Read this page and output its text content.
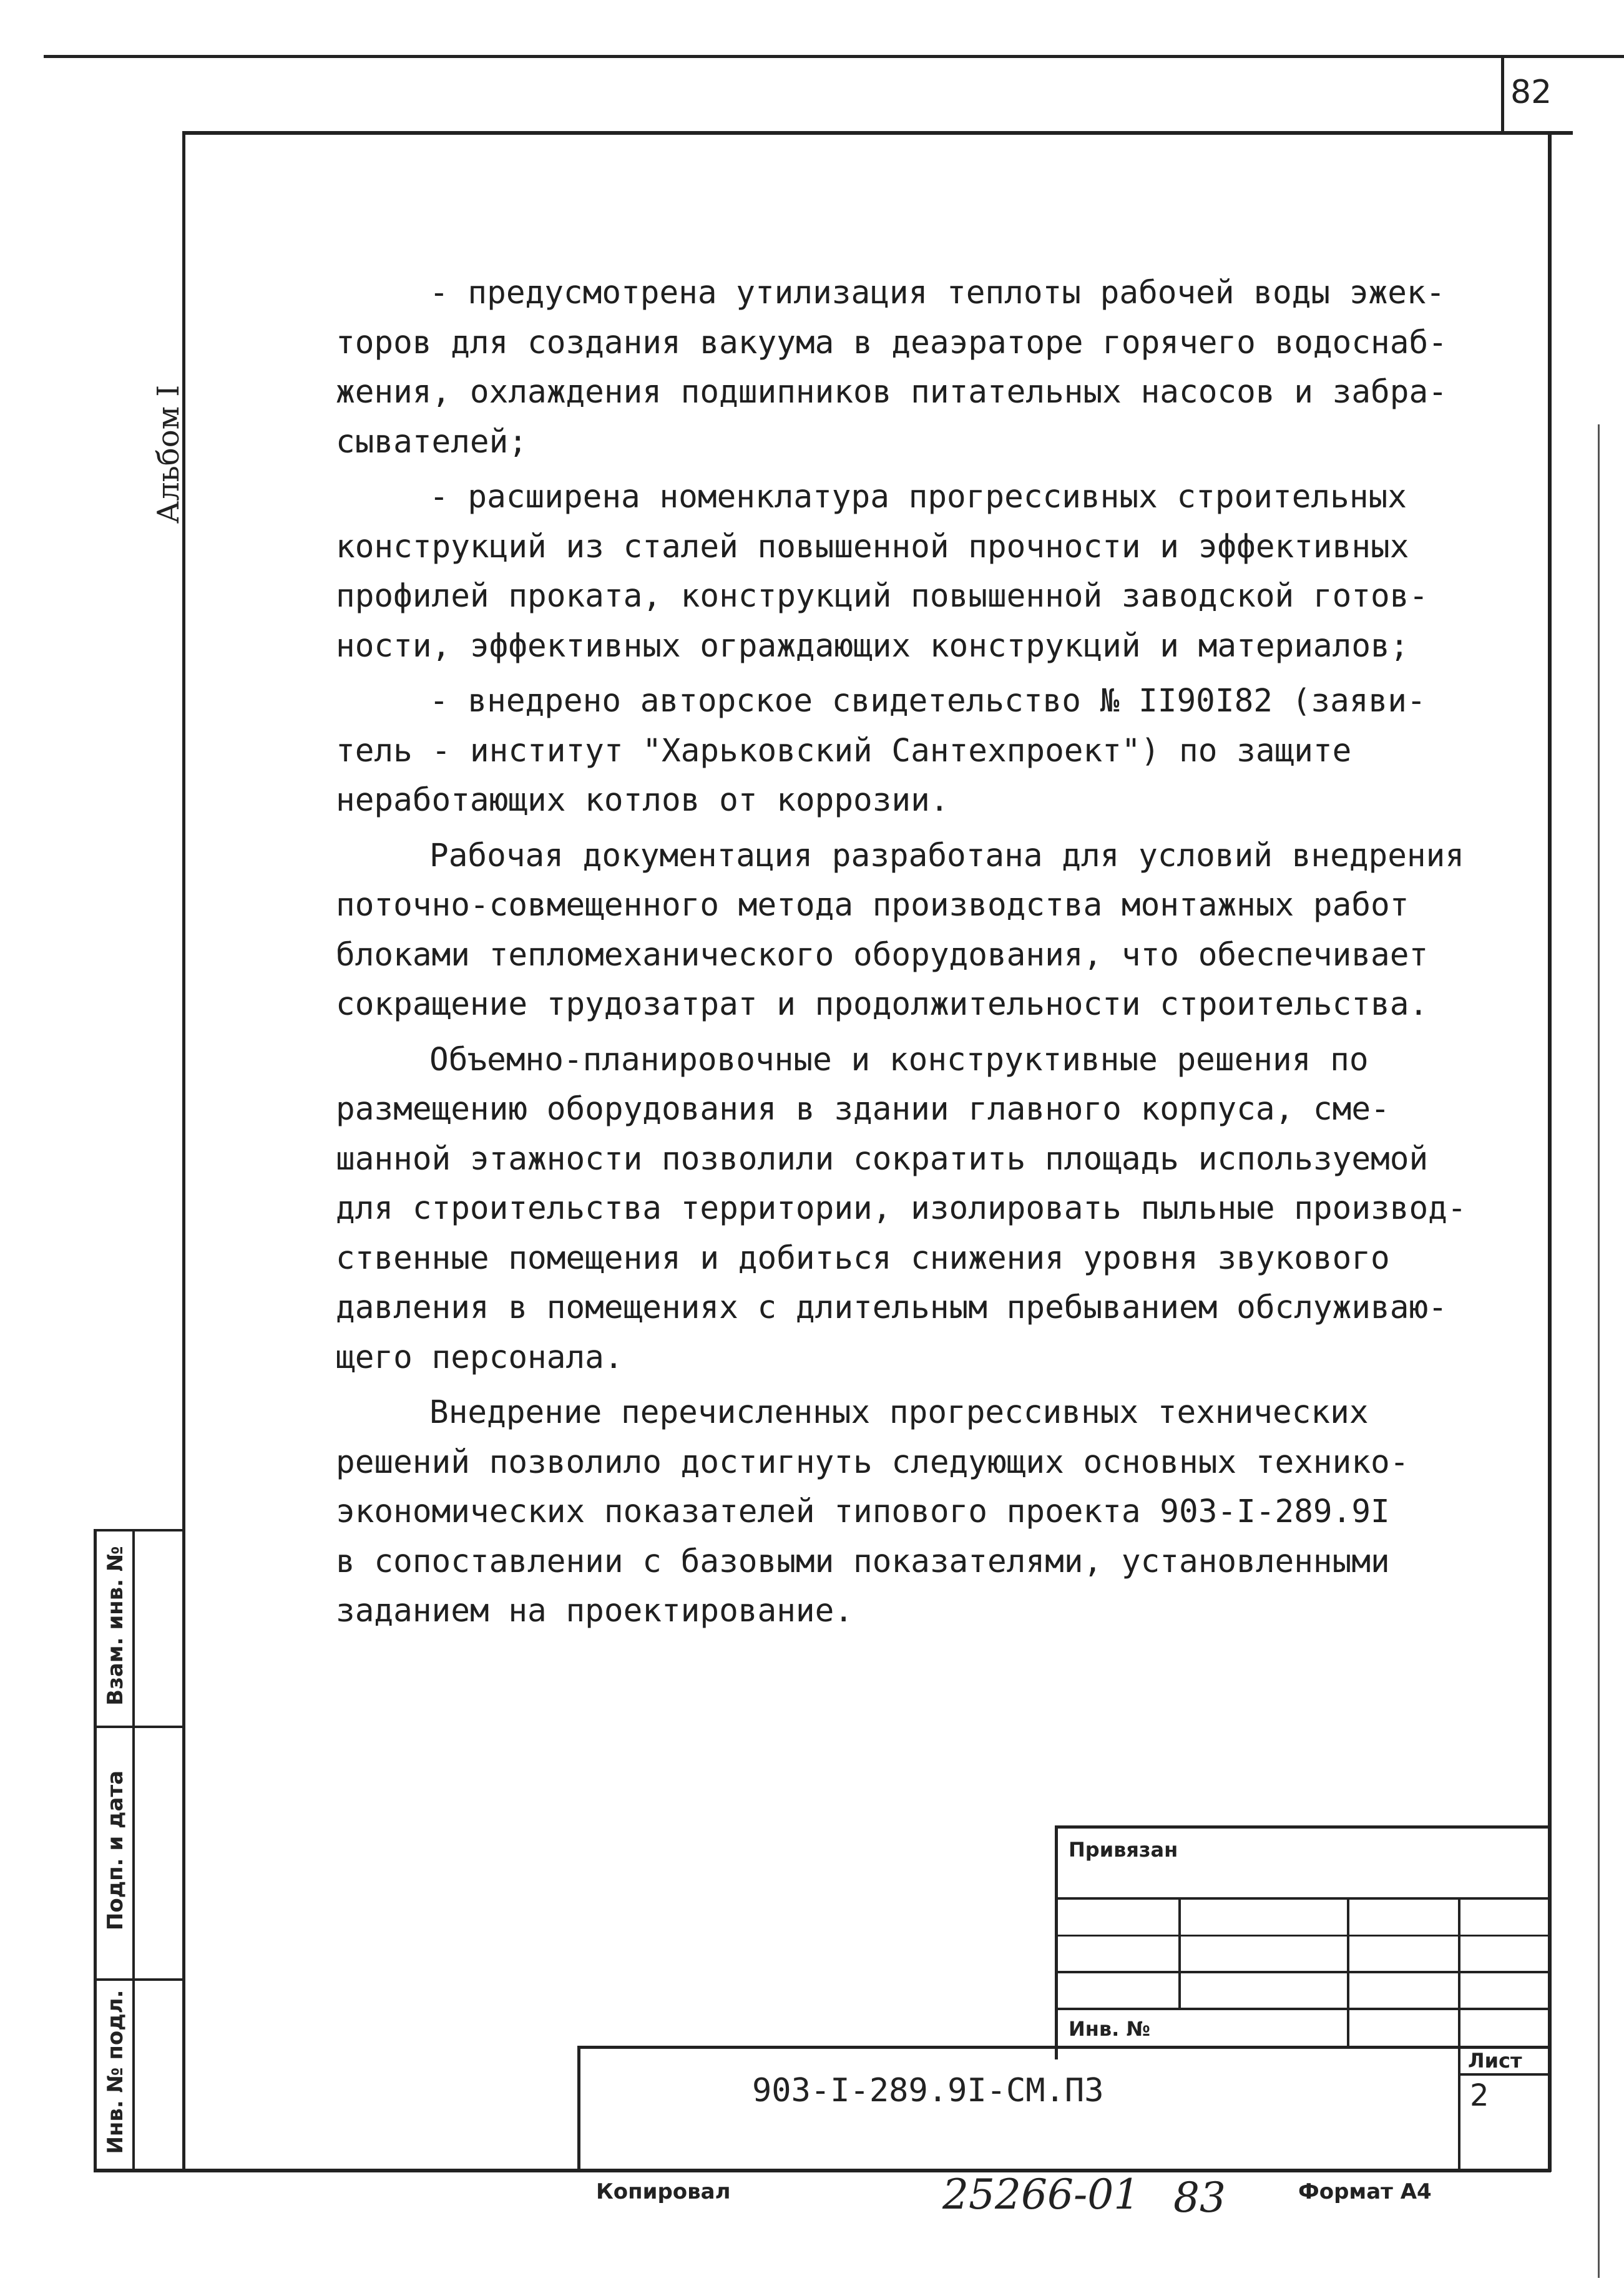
82
Альбом I
Взам. инв. №
Подп. и дата
Инв. № подл.

- предусмотрена утилизация теплоты рабочей воды эжек-
торов для создания вакуума в деаэраторе горячего водоснаб-
жения, охлаждения подшипников питательных насосов и забра-
сывателей;

- расширена номенклатура прогрессивных строительных
конструкций из сталей повышенной прочности и эффективных
профилей проката, конструкций повышенной заводской готов-
ности, эффективных ограждающих конструкций и материалов;

- внедрено авторское свидетельство № II90I82 (заяви-
тель - институт "Харьковский Сантехпроект") по защите
неработающих котлов от коррозии.

Рабочая документация разработана для условий внедрения
поточно-совмещенного метода производства монтажных работ
блоками тепломеханического оборудования, что обеспечивает
сокращение трудозатрат и продолжительности строительства.

Объемно-планировочные и конструктивные решения по
размещению оборудования в здании главного корпуса, сме-
шанной этажности позволили сократить площадь используемой
для строительства территории, изолировать пыльные производ-
ственные помещения и добиться снижения уровня звукового
давления в помещениях с длительным пребыванием обслуживаю-
щего персонала.

Внедрение перечисленных прогрессивных технических
решений позволило достигнуть следующих основных технико-
экономических показателей типового проекта 903-I-289.9I
в сопоставлении с базовыми показателями, установленными
заданием на проектирование.

Привязан
Инв. №
903-I-289.9I-СМ.ПЗ
Лист
2
Копировал	25266-01 83	Формат А4
